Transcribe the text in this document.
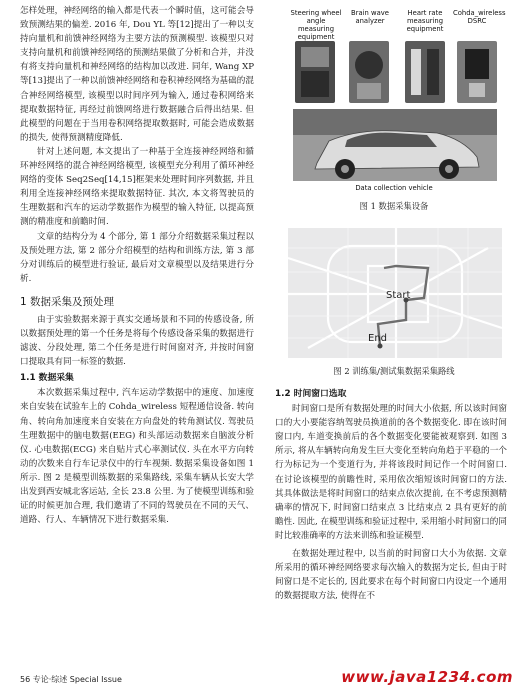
怎样处理，神经网络的输入都是代表一个瞬时值，这可能会导致预测结果的偏差. 2016 年, Dou YL 等[12]提出了一种以支持向量机和前馈神经网络为主要方法的预测模型. 该模型只对支持向量机和前馈神经网络的预测结果做了分析和合并，并没有将支持向量机和神经网络的结构加以改进. 同年, Wang XP 等[13]提出了一种以前馈神经网络和卷积神经网络为基础的混合神经网络模型, 该模型以时间序列为输入, 通过卷积网络来提取数据特征, 再经过前馈网络进行数据融合后得出结果. 但此模型的问题在于当用卷积网络提取数据时, 可能会造成数据的损失, 使得预测精度降低.

针对上述问题, 本文提出了一种基于全连接神经网络和循环神经网络的混合神经网络模型, 该模型充分利用了循环神经网络的变体 Seq2Seq[14,15]框架来处理时间序列数据, 并且利用全连接神经网络来提取数据特征. 其次, 本文将驾驶员的生理数据和汽车的运动学数据作为模型的输入特征, 以提高预测的精准度和前瞻时间.

文章的结构分为 4 个部分, 第 1 部分介绍数据采集过程以及预处理方法, 第 2 部分介绍模型的结构和训练方法, 第 3 部分对训练后的模型进行验证, 最后对文章模型以及结果进行分析.

1 数据采集及预处理

由于实验数据来源于真实交通场景和不同的传感设备, 所以数据预处理的第一个任务是将每个传感设备采集的数据进行滤波、分段处理, 第二个任务是进行时间窗对齐, 并按时间窗口提取具有同一标签的数据.

1.1 数据采集

本次数据采集过程中, 汽车运动学数据中的速度、加速度来自安装在试验车上的 Cohda_wireless 短程通信设备. 转向角、转向角加速度来自安装在方向盘处的转角测试仪. 驾驶员生理数据中的脑电数据(EEG) 和头部运动数据来自脑波分析仪. 心电数据(ECG) 来自贴片式心率测试仪. 头在水平方向转动的次数来自行车记录仪中的行车视频. 数据采集设备如图 1 所示. 图 2 是模型训练数据的采集路线, 采集车辆从长安大学出发到西安城北客运站, 全长 23.8 公里. 为了使模型训练和验证的时候更加合理, 我们邀请了不同的驾驶员在不同的天气、道路、行人、车辆情况下进行数据采集.

Steering wheel angle measuring equipment
Brain wave analyzer
Heart rate measuring equipment
Cohda_wireless DSRC
Data collection vehicle
图 1 数据采集设备
Start
End
图 2 训练集/测试集数据采集路线
1.2 时间窗口选取

时间窗口是所有数据处理的时间大小依据, 所以该时间窗口的大小要能容纳驾驶员换道前的各个数据变化. 即在该时间窗口内, 车道变换前后的各个数据变化要能被观察到. 如图 3 所示, 将从车辆转向角发生巨大变化至转向角趋于平稳的一个行为标记为一个变道行为, 并将该段时间记作一个时间窗口. 在讨论该模型的前瞻性时, 采用依次缩短该时间窗口的方法. 其具体做法是将时间窗口的结束点依次提前, 在不考虑预测精确率的情况下, 时间窗口结束点 3 比结束点 2 具有更好的前瞻性. 因此, 在模型训练和验证过程中, 采用缩小时间窗口的同时比较准确率的方法来训练和验证模型.

在数据处理过程中, 以当前的时间窗口大小为依据. 文章所采用的循环神经网络要求每次输入的数据为定长, 但由于时间窗口是不定长的, 因此要求在每个时间窗口内设定一个通用的数据提取方法, 使得在不

56 专论·综述 Special Issue	www.java1234.com
